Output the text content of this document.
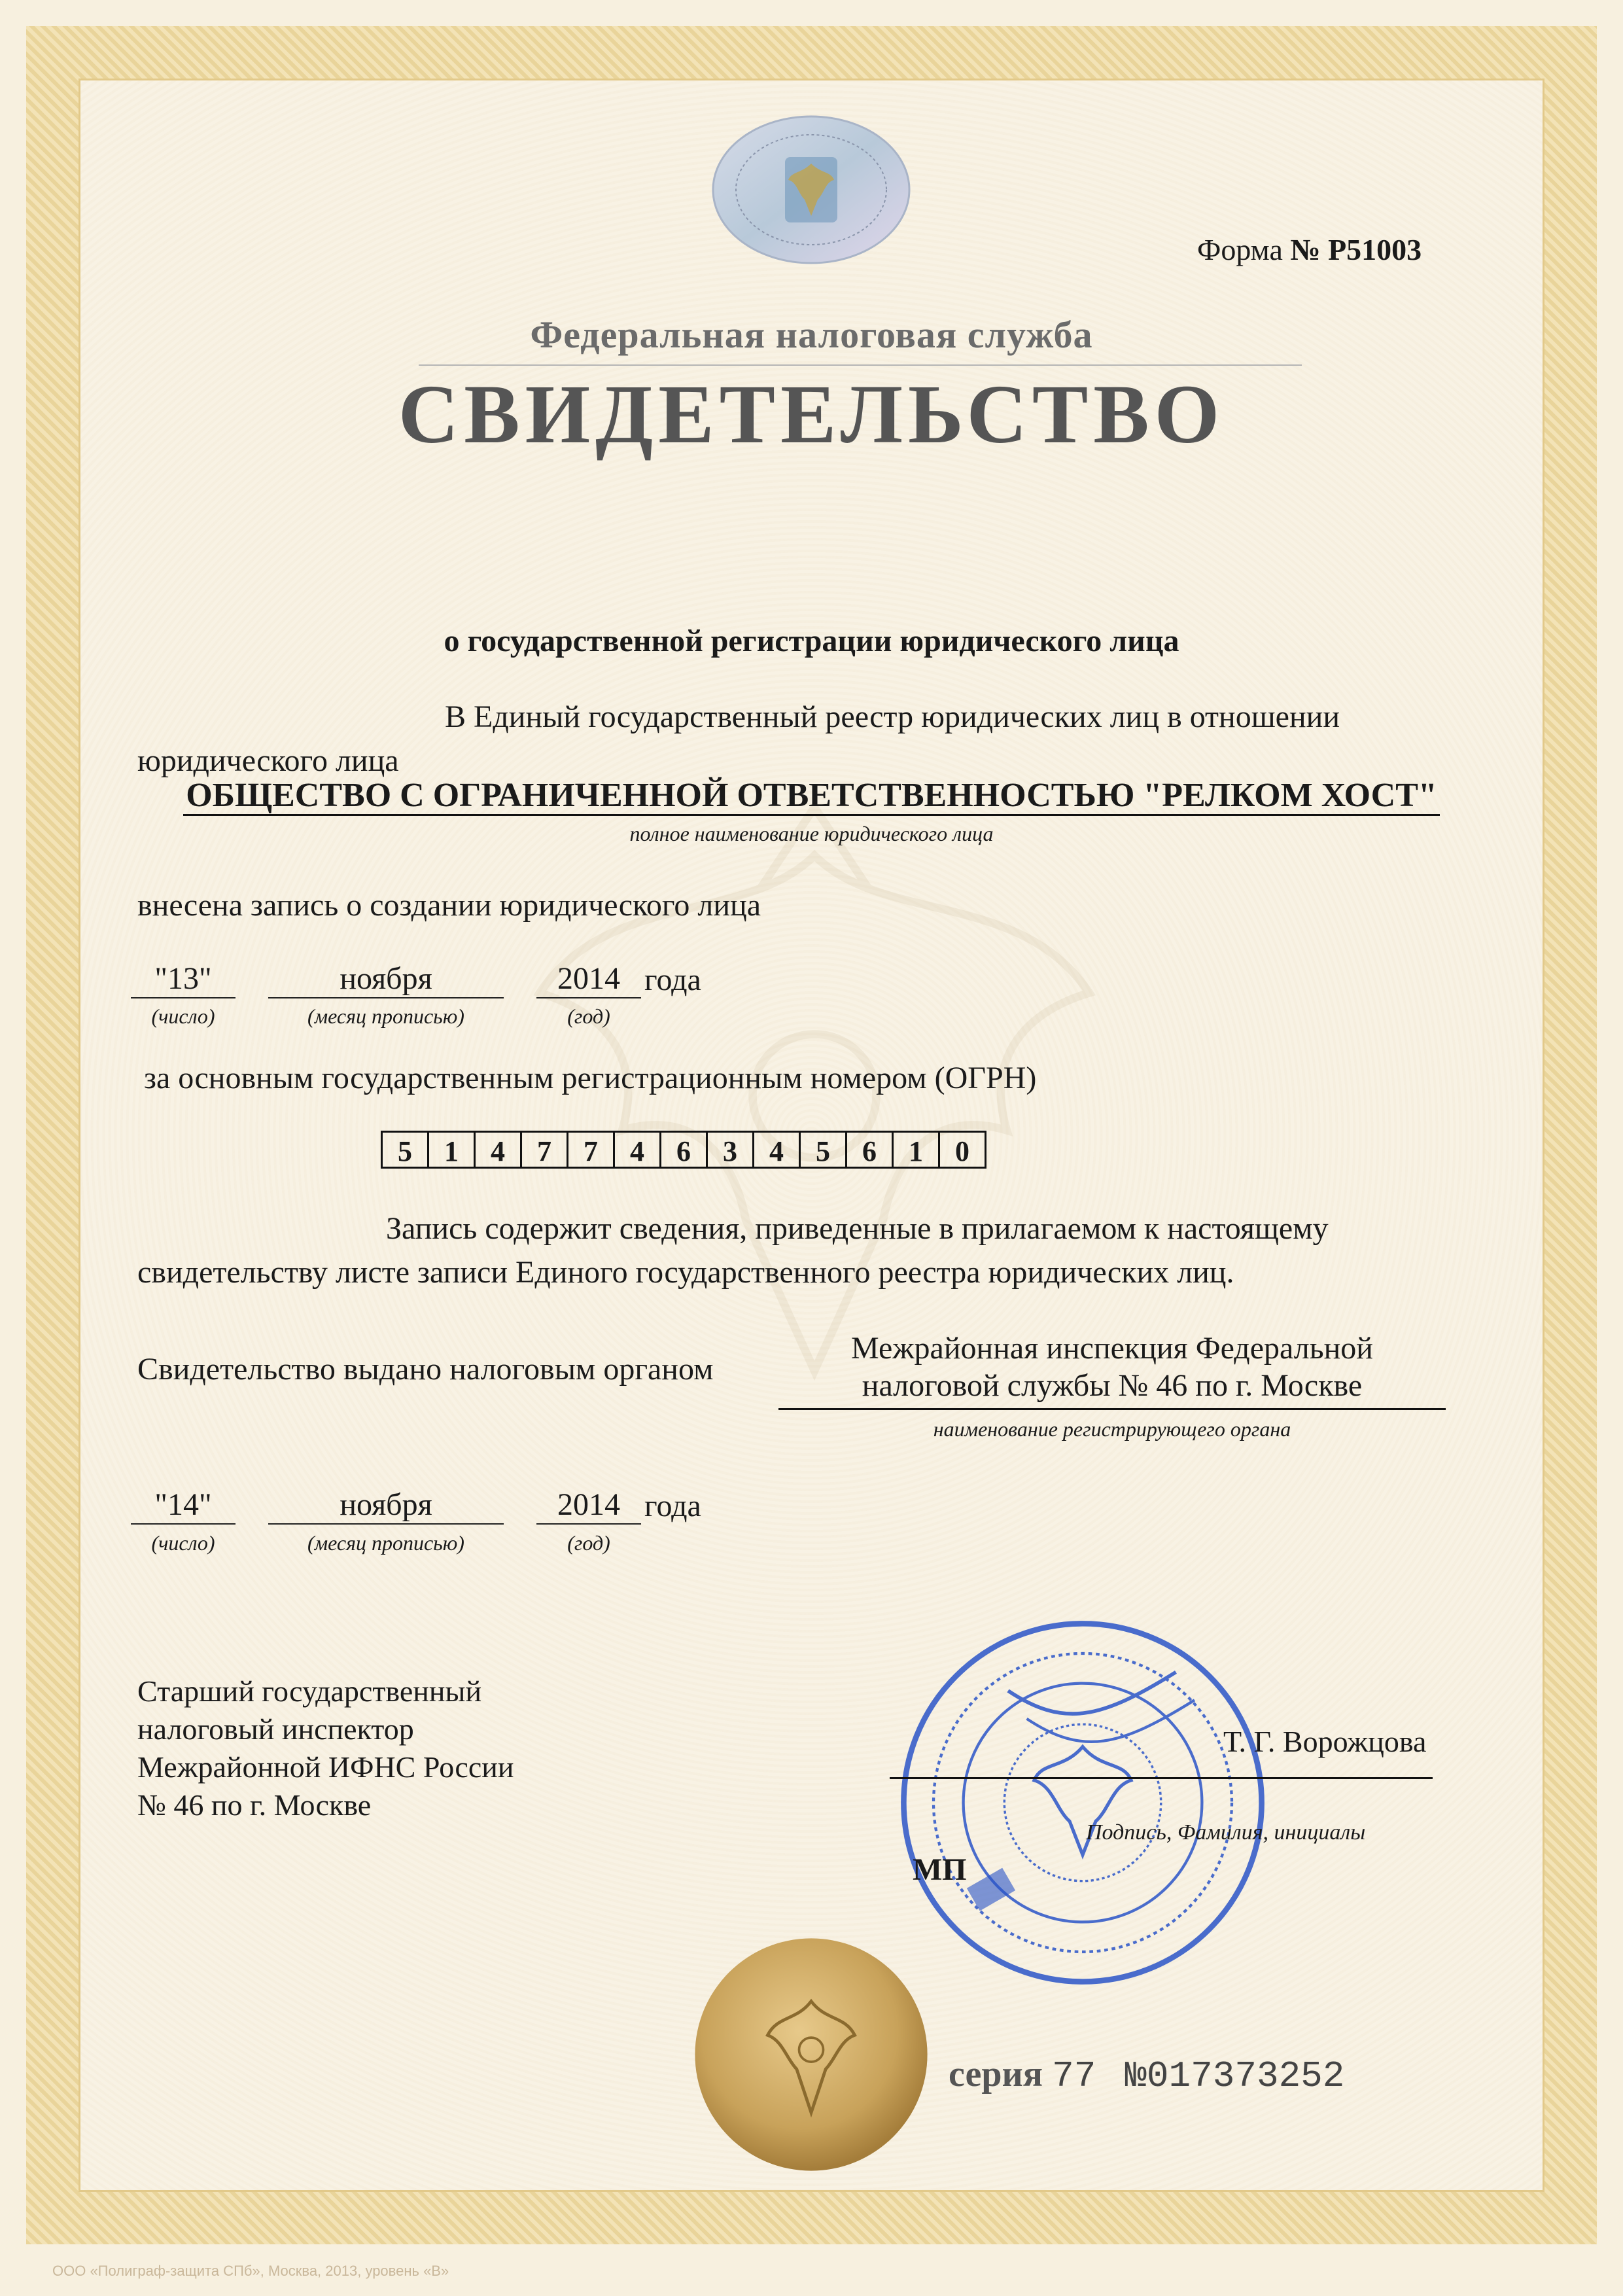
Форма № Р51003
Федеральная налоговая служба
СВИДЕТЕЛЬСТВО
о государственной регистрации юридического лица
В Единый государственный реестр юридических лиц в отношении
юридического лица
ОБЩЕСТВО С ОГРАНИЧЕННОЙ ОТВЕТСТВЕННОСТЬЮ "РЕЛКОМ ХОСТ"
полное наименование юридического лица
внесена запись о создании юридического лица
"13"	ноября	2014 года
(число)	(месяц прописью)	(год)
за основным государственным регистрационным номером (ОГРН)
5	1	4	7	7	4	6	3	4	5	6	1	0
Запись содержит сведения, приведенные в прилагаемом к настоящему
свидетельству листе записи Единого государственного реестра юридических лиц.
Свидетельство выдано налоговым органом
Межрайонная инспекция Федеральной
налоговой службы № 46 по г. Москве
наименование регистрирующего органа
"14"	ноября	2014 года
(число)	(месяц прописью)	(год)
Старший государственный
налоговый инспектор
Межрайонной ИФНС России
№ 46 по г. Москве
Т. Г. Ворожцова
Подпись, Фамилия, инициалы
МП
серия 77 №017373252
ООО «Полиграф-защита СПб», Москва, 2013, уровень «В»
